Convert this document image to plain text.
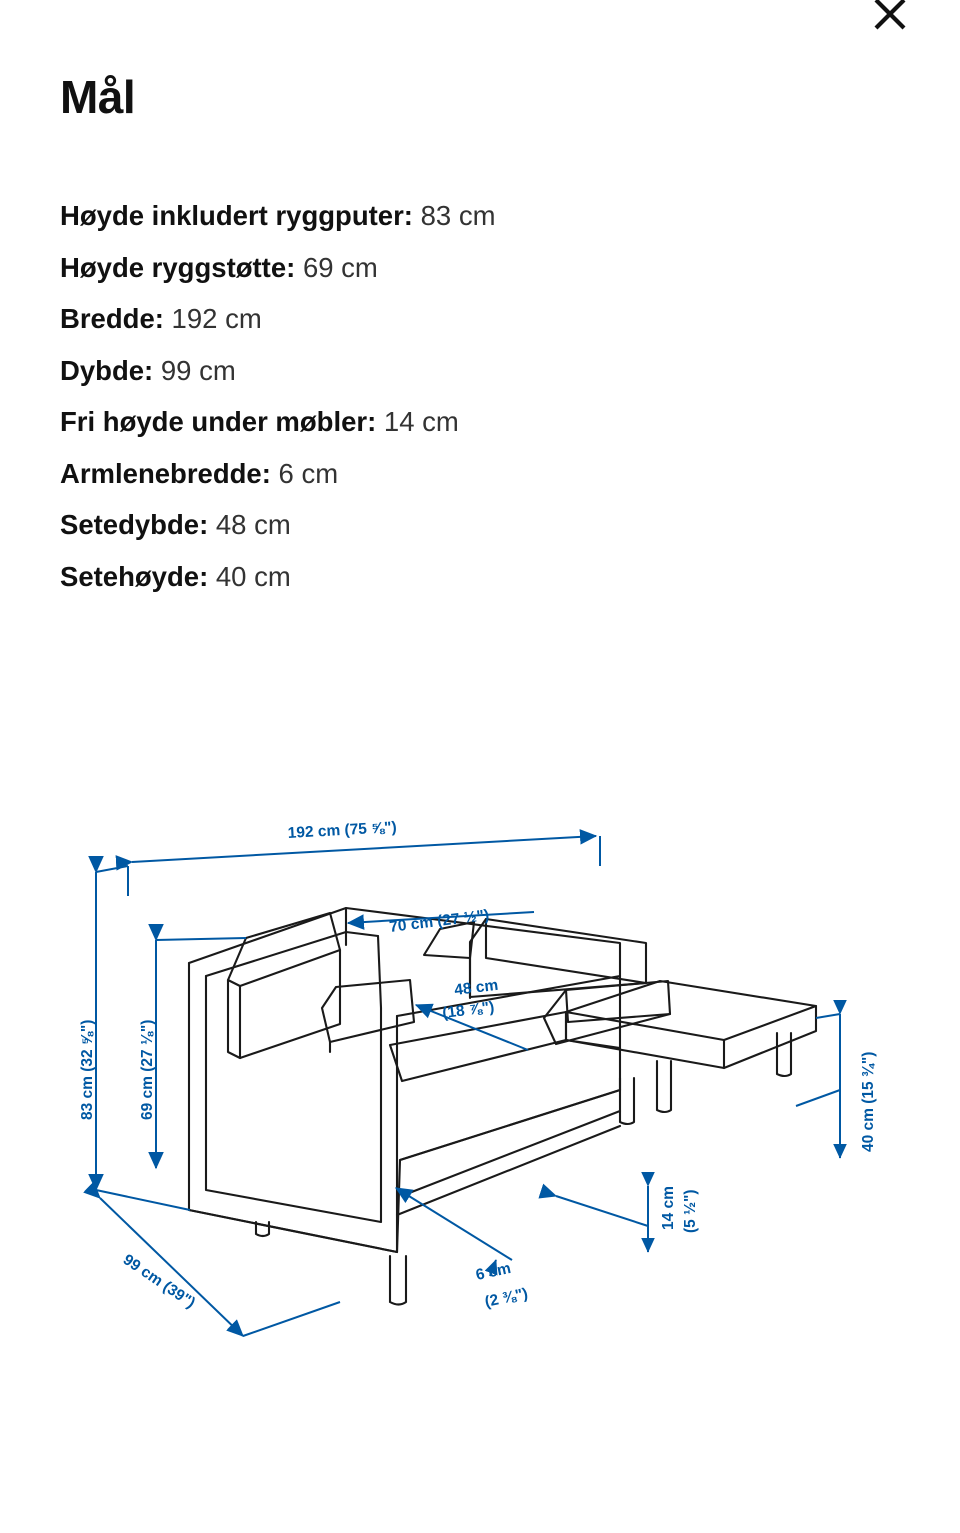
Mål
Høyde inkludert ryggputer: 83 cm
Høyde ryggstøtte: 69 cm
Bredde: 192 cm
Dybde: 99 cm
Fri høyde under møbler: 14 cm
Armlenebredde: 6 cm
Setedybde: 48 cm
Setehøyde: 40 cm
192 cm (75 ⅝")
70 cm (27 ½")
48 cm
(18 ⅞")
83 cm (32 ⅝")	69 cm (27 ⅛")
99 cm (39")	6 cm
(2 ⅜")
14 cm (5 ½")
40 cm (15 ¾")
